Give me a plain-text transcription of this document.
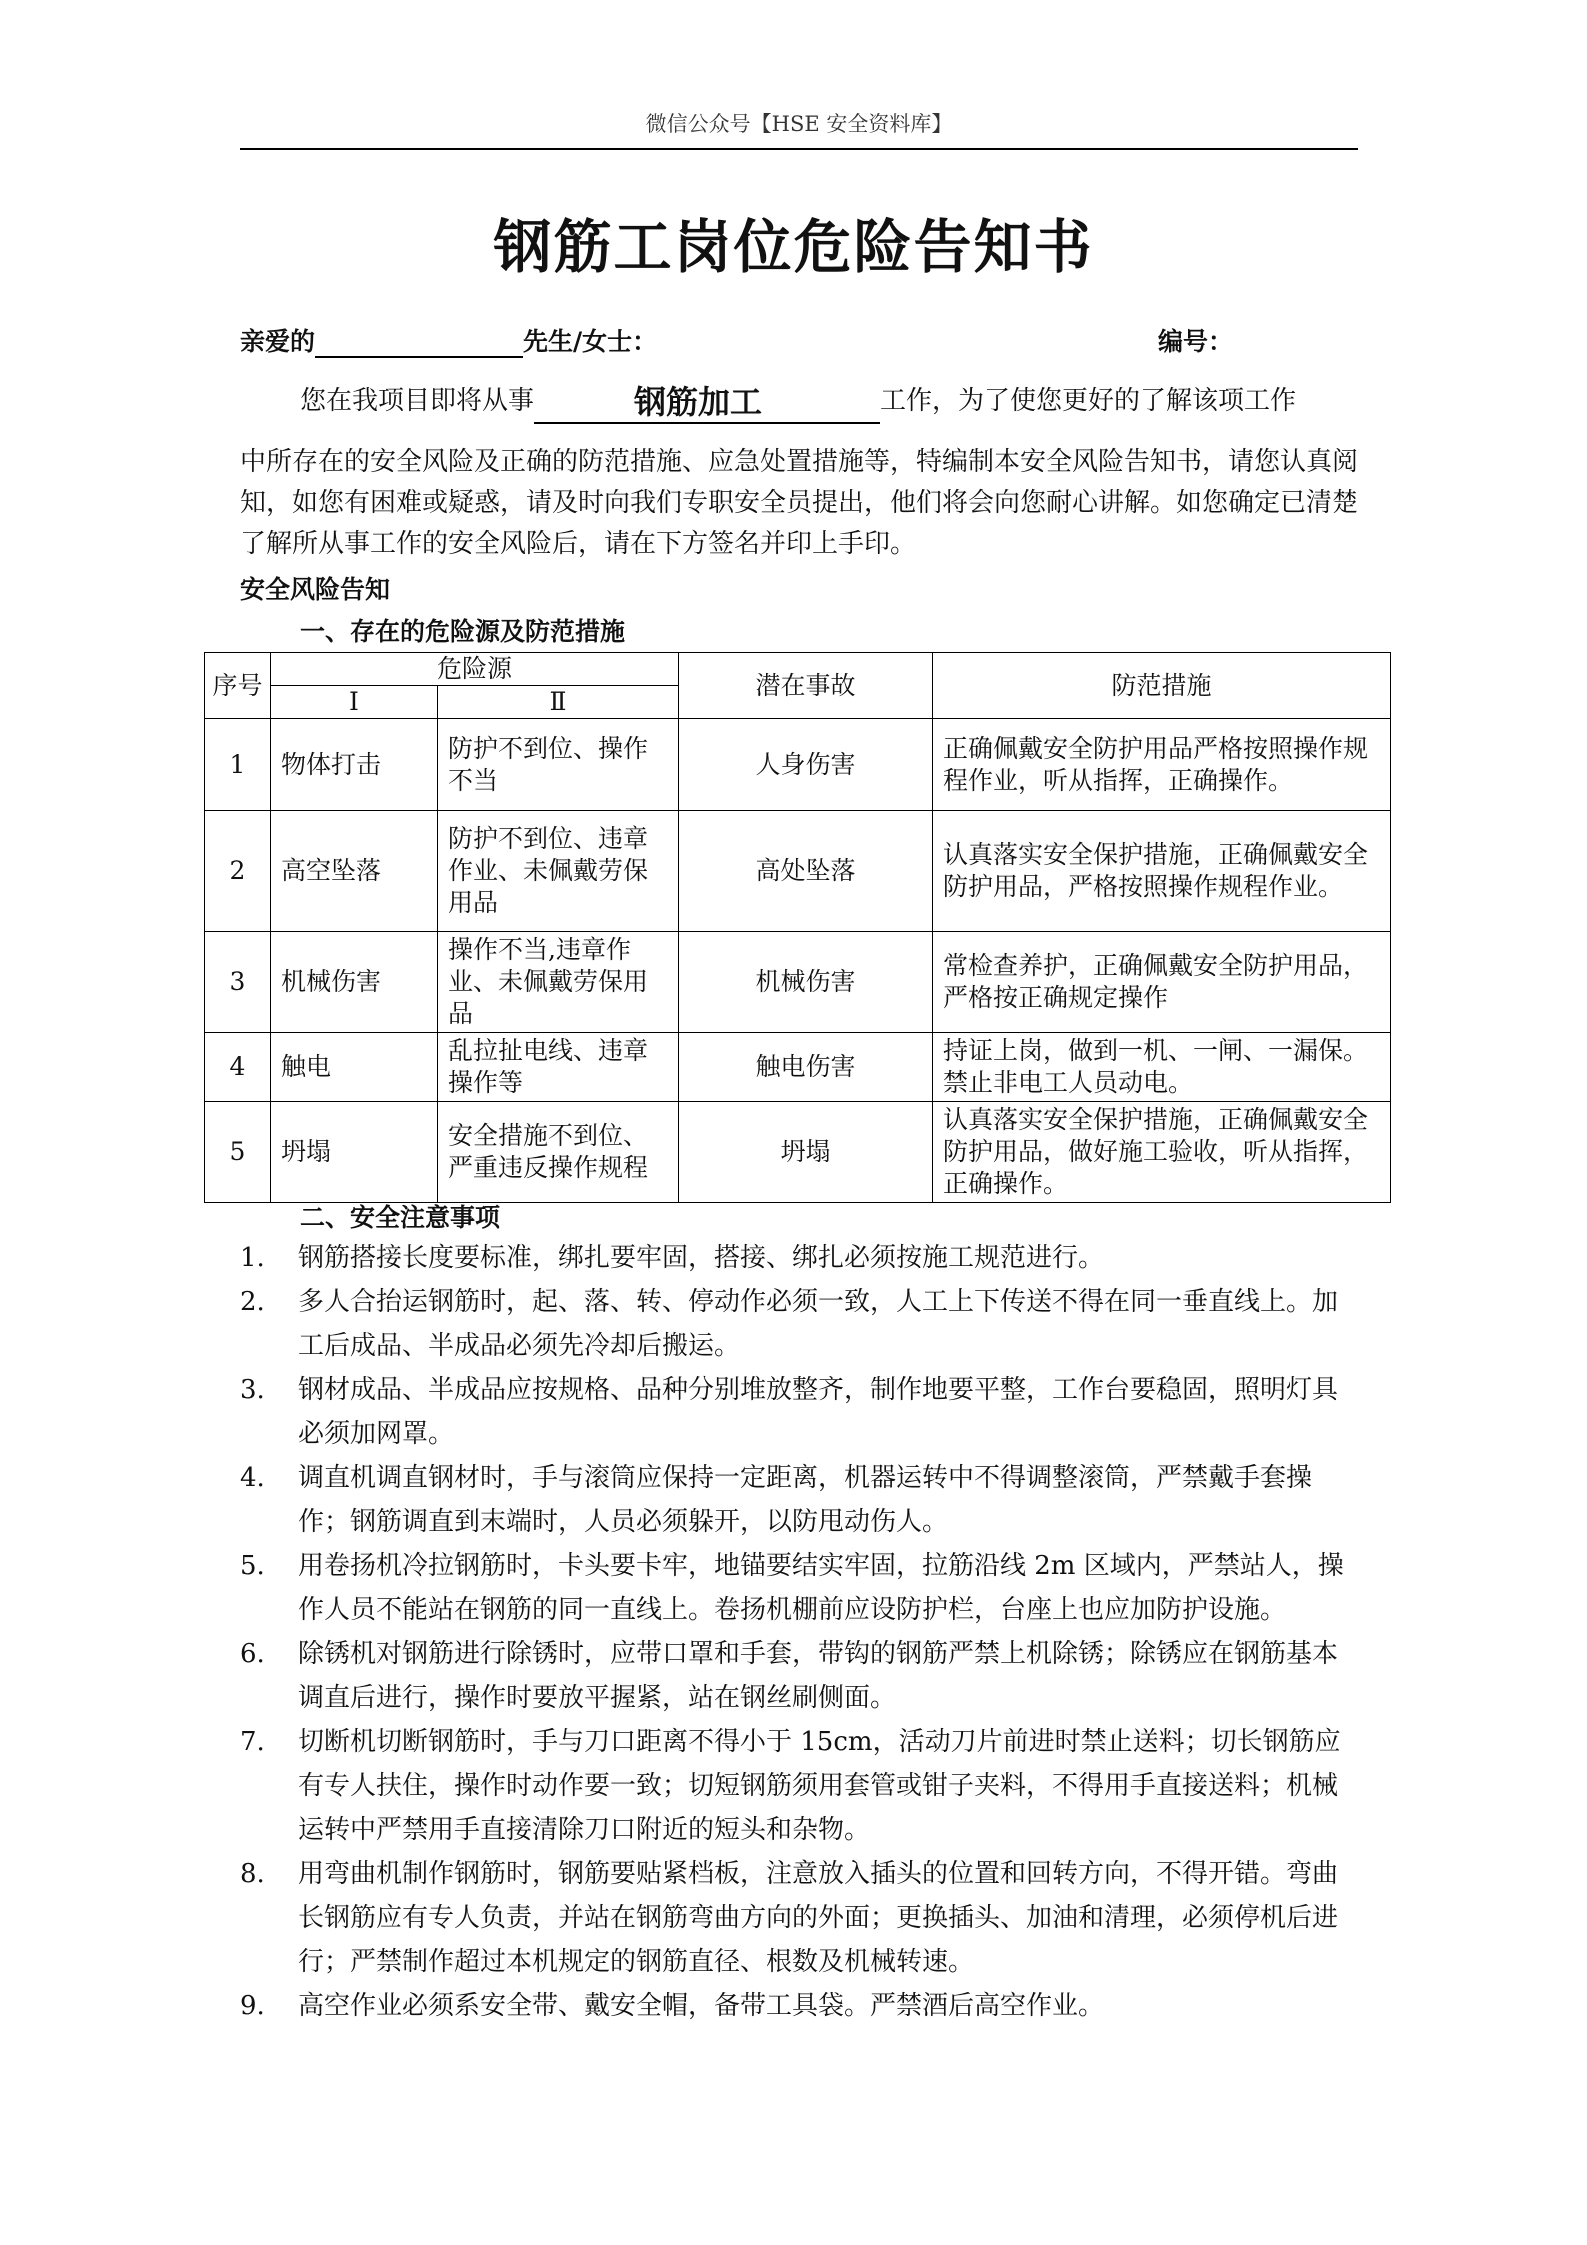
微信公众号【HSE 安全资料库】
钢筋工岗位危险告知书
亲爱的	先生/女士：	编号：
您在我项目即将从事	钢筋加工	工作，为了使您更好的了解该项工作
中所存在的安全风险及正确的防范措施、应急处置措施等，特编制本安全风险告知书，请您认真阅知，如您有困难或疑惑，请及时向我们专职安全员提出，他们将会向您耐心讲解。如您确定已清楚了解所从事工作的安全风险后，请在下方签名并印上手印。
安全风险告知
一、存在的危险源及防范措施
序号	危险源		潜在事故	防范措施
	Ⅰ	Ⅱ		
1	物体打击	防护不到位、操作不当	人身伤害	正确佩戴安全防护用品严格按照操作规程作业，听从指挥，正确操作。
2	高空坠落	防护不到位、违章作业、未佩戴劳保用品	高处坠落	认真落实安全保护措施，正确佩戴安全防护用品，严格按照操作规程作业。
3	机械伤害	操作不当,违章作业、未佩戴劳保用品	机械伤害	常检查养护，正确佩戴安全防护用品，严格按正确规定操作
4	触电	乱拉扯电线、违章操作等	触电伤害	持证上岗，做到一机、一闸、一漏保。禁止非电工人员动电。
5	坍塌	安全措施不到位、严重违反操作规程	坍塌	认真落实安全保护措施，正确佩戴安全防护用品，做好施工验收，听从指挥，正确操作。
二、安全注意事项
1. 钢筋搭接长度要标准，绑扎要牢固，搭接、绑扎必须按施工规范进行。
2. 多人合抬运钢筋时，起、落、转、停动作必须一致，人工上下传送不得在同一垂直线上。加工后成品、半成品必须先冷却后搬运。
3. 钢材成品、半成品应按规格、品种分别堆放整齐，制作地要平整，工作台要稳固，照明灯具必须加网罩。
4. 调直机调直钢材时，手与滚筒应保持一定距离，机器运转中不得调整滚筒，严禁戴手套操作；钢筋调直到末端时，人员必须躲开，以防甩动伤人。
5. 用卷扬机冷拉钢筋时，卡头要卡牢，地锚要结实牢固，拉筋沿线 2m 区域内，严禁站人，操作人员不能站在钢筋的同一直线上。卷扬机棚前应设防护栏，台座上也应加防护设施。
6. 除锈机对钢筋进行除锈时，应带口罩和手套，带钩的钢筋严禁上机除锈；除锈应在钢筋基本调直后进行，操作时要放平握紧，站在钢丝刷侧面。
7. 切断机切断钢筋时，手与刀口距离不得小于 15cm，活动刀片前进时禁止送料；切长钢筋应有专人扶住，操作时动作要一致；切短钢筋须用套管或钳子夹料，不得用手直接送料；机械运转中严禁用手直接清除刀口附近的短头和杂物。
8. 用弯曲机制作钢筋时，钢筋要贴紧档板，注意放入插头的位置和回转方向，不得开错。弯曲长钢筋应有专人负责，并站在钢筋弯曲方向的外面；更换插头、加油和清理，必须停机后进行；严禁制作超过本机规定的钢筋直径、根数及机械转速。
9. 高空作业必须系安全带、戴安全帽，备带工具袋。严禁酒后高空作业。
